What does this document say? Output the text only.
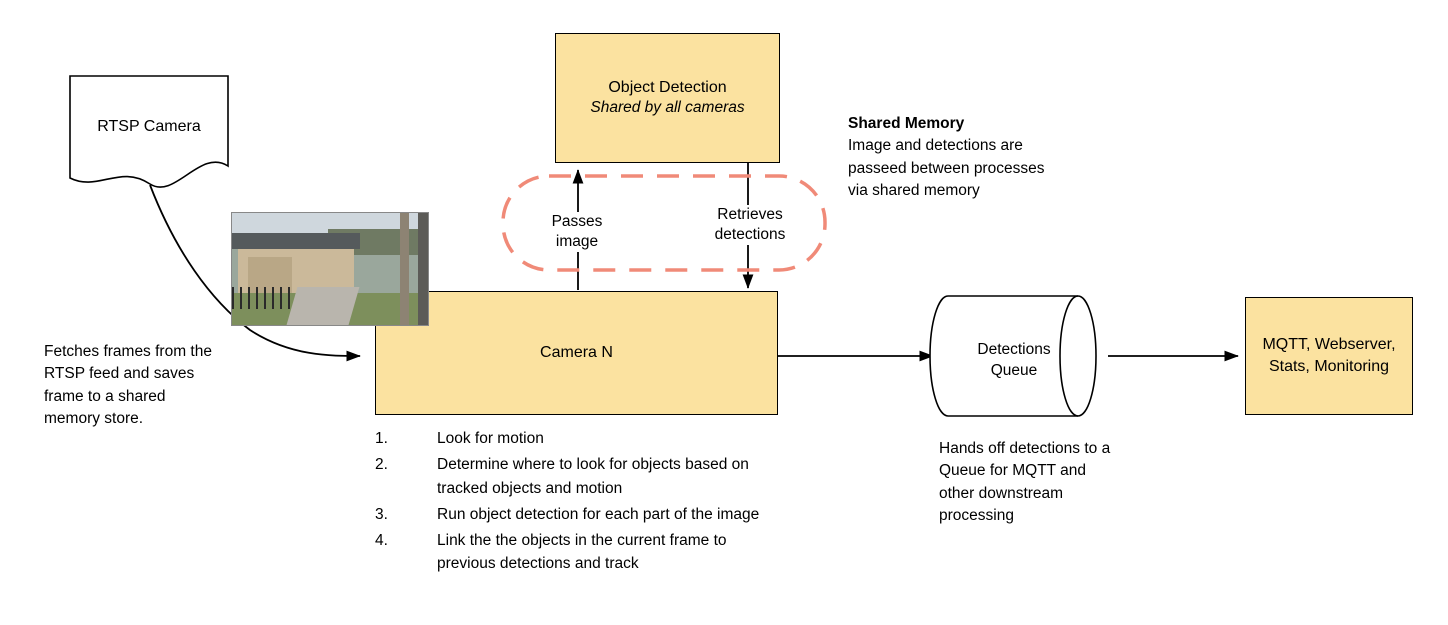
RTSP Camera
Object Detection
Shared by all cameras
Camera N	Detections
Queue
MQTT, Webserver,
Stats, Monitoring
Passes
image
Retrieves
detections
Shared Memory
Image and detections are passeed between processes via shared memory
Fetches frames from the RTSP feed and saves frame to a shared memory store.
Hands off detections to a Queue for MQTT and other downstream processing
1.	Look for motion
2.	Determine where to look for objects based on tracked objects and motion
3.	Run object detection for each part of the image
4.	Link the the objects in the current frame to previous detections and track
